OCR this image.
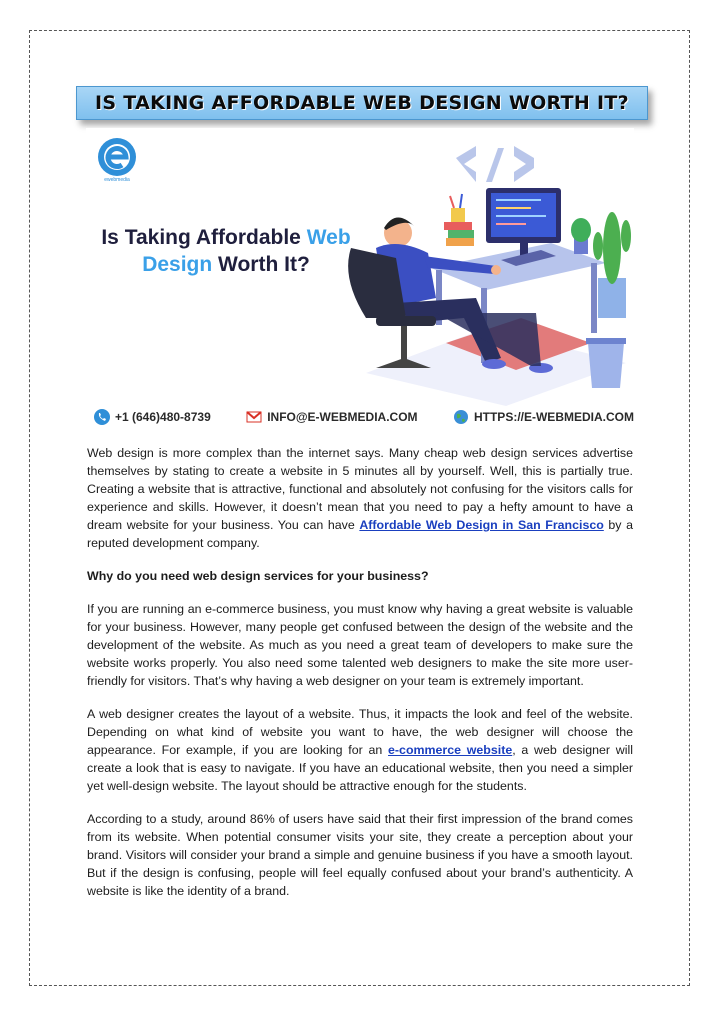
IS TAKING AFFORDABLE WEB DESIGN WORTH IT?
ewebmedia
Is Taking Affordable Web
Design Worth It?
+1 (646)480-8739	INFO@E-WEBMEDIA.COM	HTTPS://E-WEBMEDIA.COM

Web design is more complex than the internet says. Many cheap web design services advertise themselves by stating to create a website in 5 minutes all by yourself. Well, this is partially true. Creating a website that is attractive, functional and absolutely not confusing for the visitors calls for experience and skills. However, it doesn’t mean that you need to pay a hefty amount to have a dream website for your business. You can have Affordable Web Design in San Francisco by a reputed development company.

Why do you need web design services for your business?

If you are running an e-commerce business, you must know why having a great website is valuable for your business. However, many people get confused between the design of the website and the development of the website. As much as you need a great team of developers to make sure the website works properly. You also need some talented web designers to make the site more user-friendly for visitors. That’s why having a web designer on your team is extremely important.

A web designer creates the layout of a website. Thus, it impacts the look and feel of the website. Depending on what kind of website you want to have, the web designer will choose the appearance. For example, if you are looking for an e-commerce website, a web designer will create a look that is easy to navigate. If you have an educational website, then you need a simpler yet well-design website. The layout should be attractive enough for the students.

According to a study, around 86% of users have said that their first impression of the brand comes from its website. When potential consumer visits your site, they create a perception about your brand. Visitors will consider your brand a simple and genuine business if you have a smooth layout. But if the design is confusing, people will feel equally confused about your brand’s authenticity. A website is like the identity of a brand.
